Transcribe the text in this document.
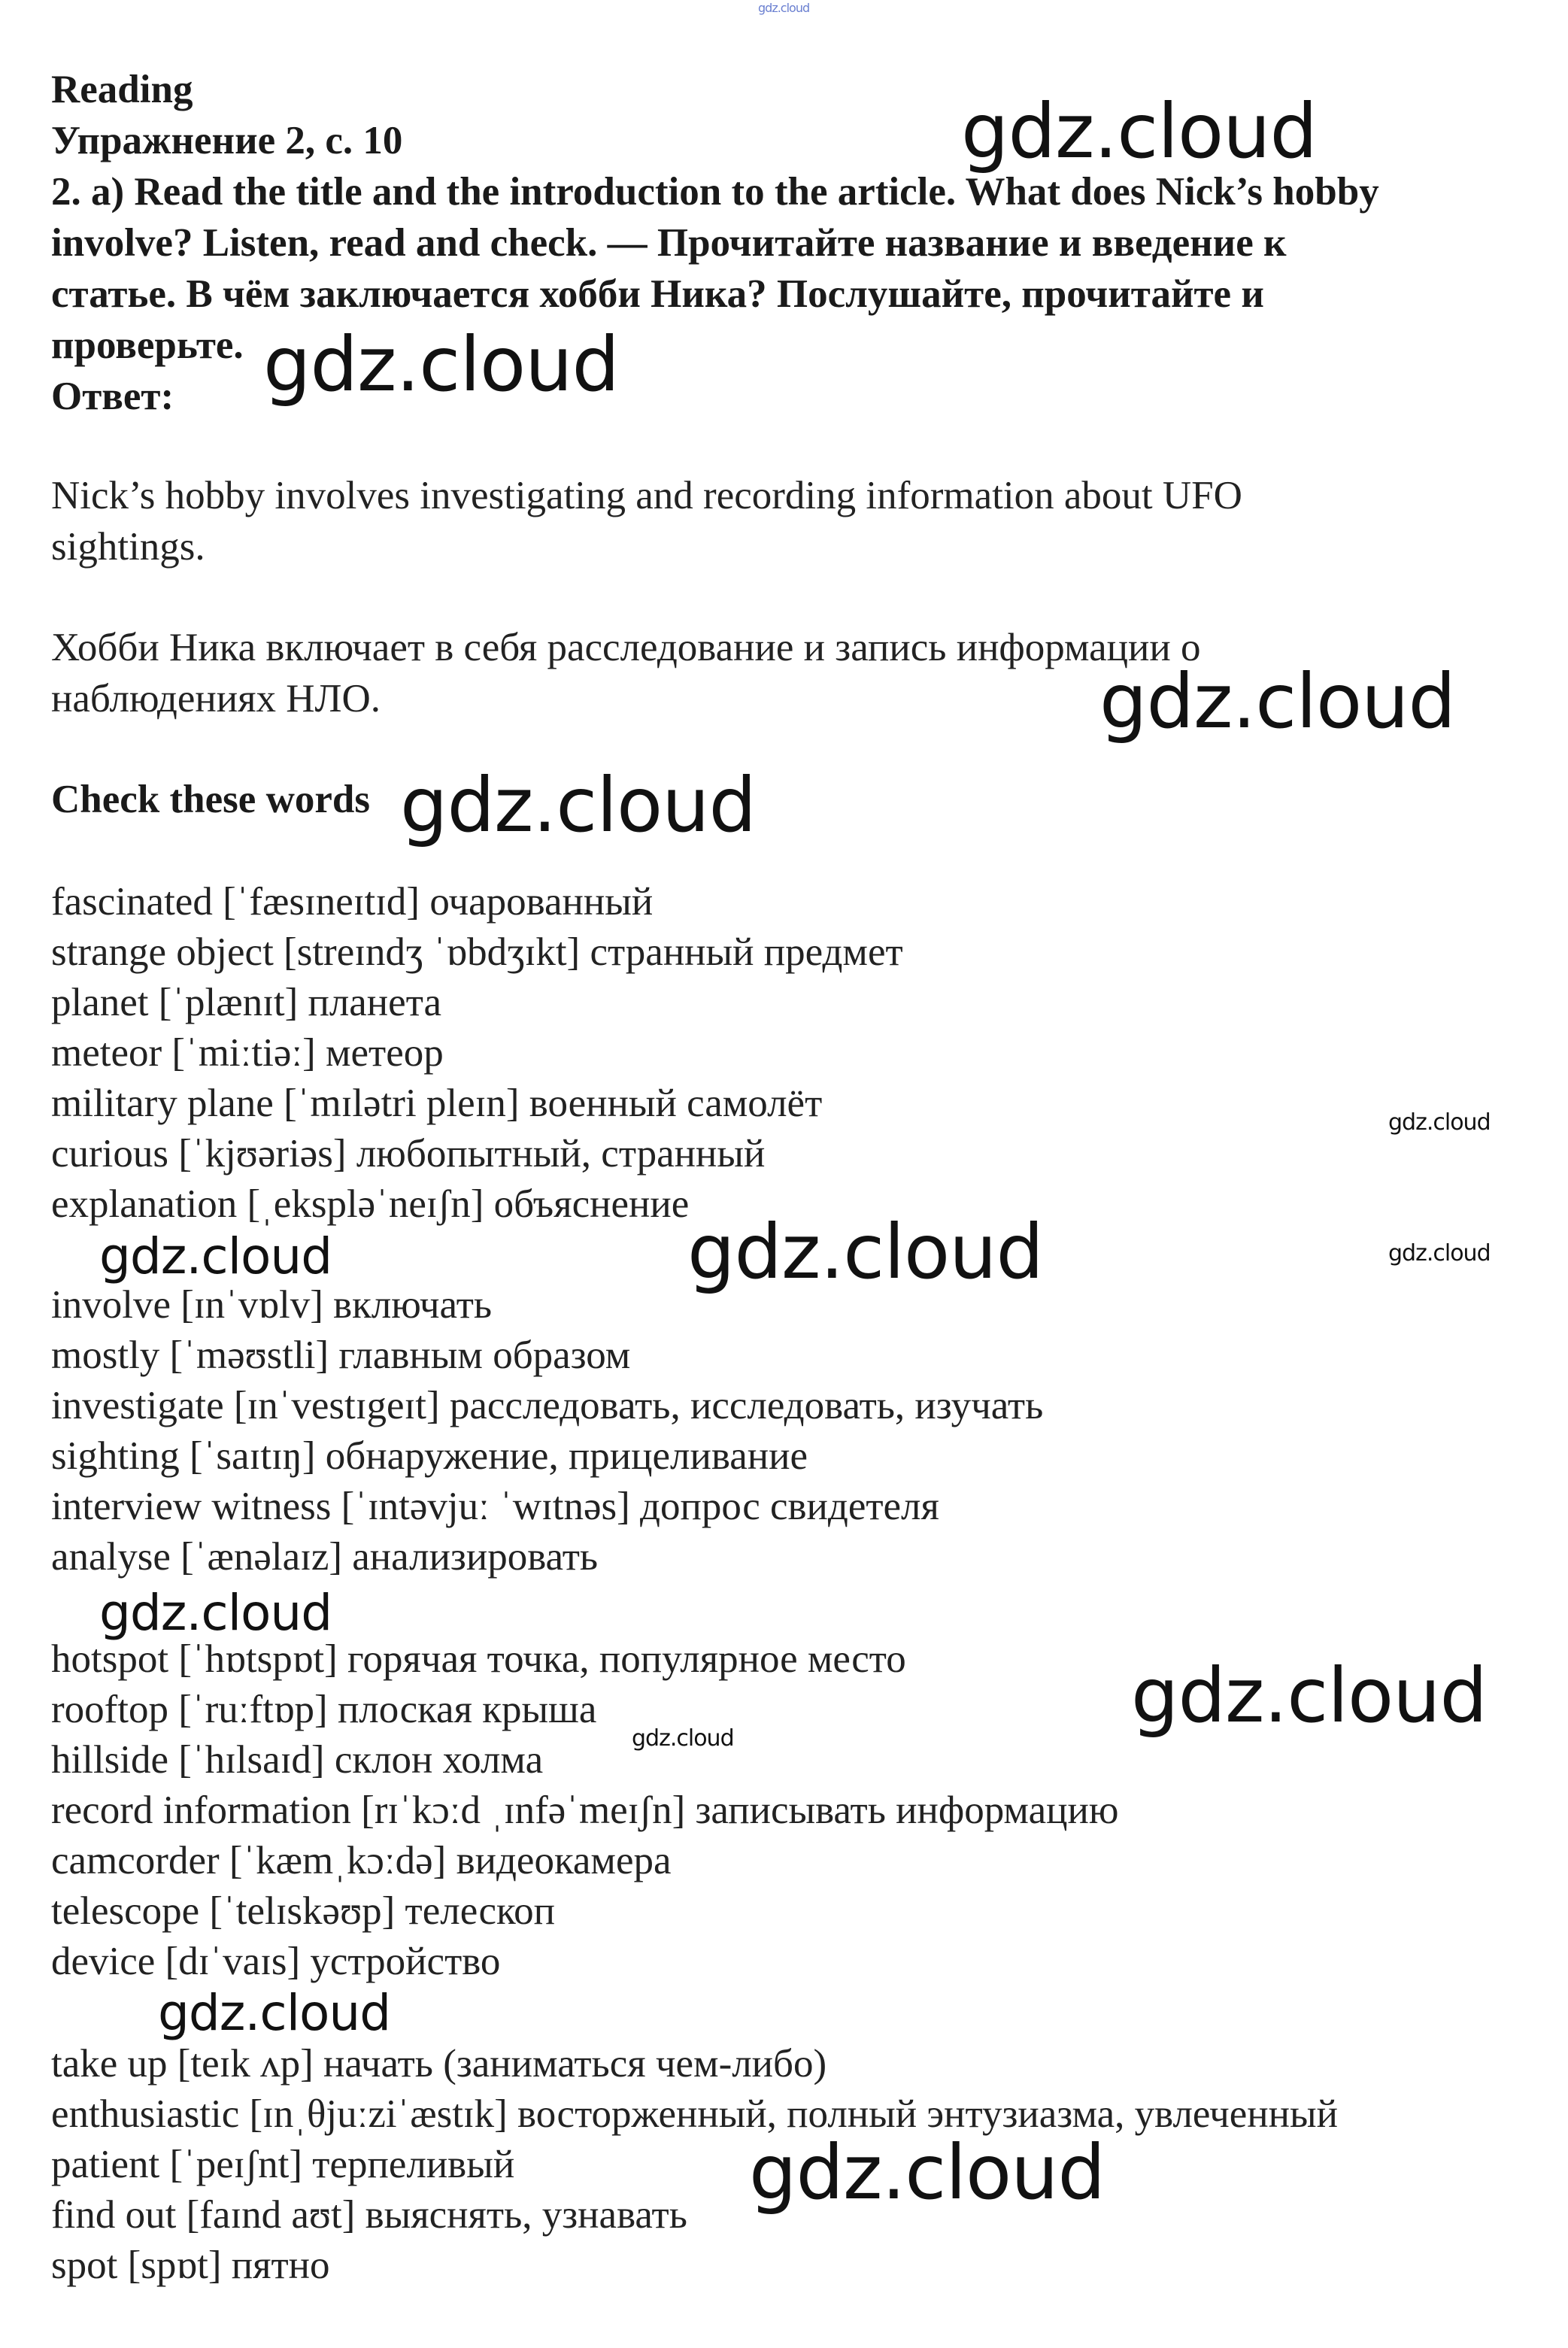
gdz.cloud
Reading
Упражнение 2, с. 10
2. a) Read the title and the introduction to the article. What does Nick’s hobby
involve? Listen, read and check. — Прочитайте название и введение к
статье. В чём заключается хобби Ника? Послушайте, прочитайте и
проверьте.
Ответ:
Nick’s hobby involves investigating and recording information about UFO
sightings.
Хобби Ника включает в себя расследование и запись информации о
наблюдениях НЛО.
Check these words
fascinated [ˈfæsɪneɪtɪd] очарованный
strange object [streɪndʒ ˈɒbdʒɪkt] странный предмет
planet [ˈplænɪt] планета
meteor [ˈmiːtiəː] метеор
military plane [ˈmɪlətri pleɪn] военный самолёт
curious [ˈkjʊəriəs] любопытный, странный
explanation [ˌekspləˈneɪʃn] объяснение
involve [ɪnˈvɒlv] включать
mostly [ˈməʊstli] главным образом
investigate [ɪnˈvestɪgeɪt] расследовать, исследовать, изучать
sighting [ˈsaɪtɪŋ] обнаружение, прицеливание
interview witness [ˈɪntəvjuː ˈwɪtnəs] допрос свидетеля
analyse [ˈænəlaɪz] анализировать
hotspot [ˈhɒtspɒt] горячая точка, популярное место
rooftop [ˈruːftɒp] плоская крыша
hillside [ˈhɪlsaɪd] склон холма
record information [rɪˈkɔːd ˌɪnfəˈmeɪʃn] записывать информацию
camcorder [ˈkæmˌkɔːdə] видеокамера
telescope [ˈtelɪskəʊp] телескоп
device [dɪˈvaɪs] устройство
take up [teɪk ʌp] начать (заниматься чем-либо)
enthusiastic [ɪnˌθjuːziˈæstɪk] восторженный, полный энтузиазма, увлеченный
patient [ˈpeɪʃnt] терпеливый
find out [faɪnd aʊt] выяснять, узнавать
spot [spɒt] пятно
gdz.cloud
gdz.cloud
gdz.cloud
gdz.cloud
gdz.cloud
gdz.cloud	gdz.cloud	gdz.cloud
gdz.cloud
gdz.cloud
gdz.cloud
gdz.cloud
gdz.cloud
